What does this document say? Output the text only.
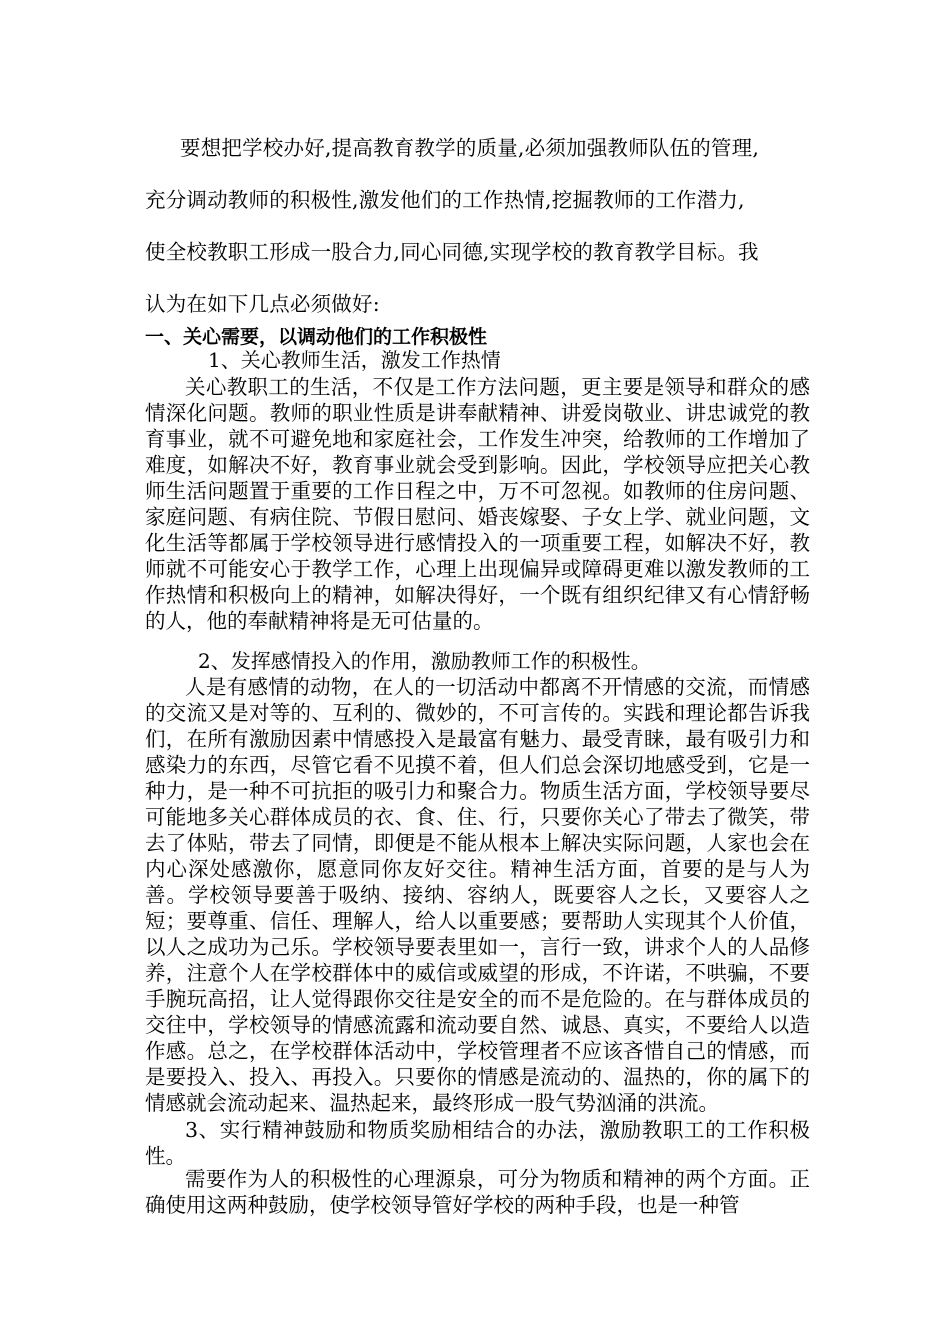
要想把学校办好,提高教育教学的质量,必须加强教师队伍的管理,
充分调动教师的积极性,激发他们的工作热情,挖掘教师的工作潜力,
使全校教职工形成一股合力,同心同德,实现学校的教育教学目标。我
认为在如下几点必须做好:
一、关心需要，以调动他们的工作积极性
1、关心教师生活，激发工作热情
关心教职工的生活，不仅是工作方法问题，更主要是领导和群众的感情深化问题。教师的职业性质是讲奉献精神、讲爱岗敬业、讲忠诚党的教育事业，就不可避免地和家庭社会，工作发生冲突，给教师的工作增加了难度，如解决不好，教育事业就会受到影响。因此，学校领导应把关心教师生活问题置于重要的工作日程之中，万不可忽视。如教师的住房问题、家庭问题、有病住院、节假日慰问、婚丧嫁娶、子女上学、就业问题，文化生活等都属于学校领导进行感情投入的一项重要工程，如解决不好，教师就不可能安心于教学工作，心理上出现偏异或障碍更难以激发教师的工作热情和积极向上的精神，如解决得好，一个既有组织纪律又有心情舒畅的人，他的奉献精神将是无可估量的。
2、发挥感情投入的作用，激励教师工作的积极性。
人是有感情的动物，在人的一切活动中都离不开情感的交流，而情感的交流又是对等的、互利的、微妙的，不可言传的。实践和理论都告诉我们，在所有激励因素中情感投入是最富有魅力、最受青睐，最有吸引力和感染力的东西，尽管它看不见摸不着，但人们总会深切地感受到，它是一种力，是一种不可抗拒的吸引力和聚合力。物质生活方面，学校领导要尽可能地多关心群体成员的衣、食、住、行，只要你关心了带去了微笑，带去了体贴，带去了同情，即便是不能从根本上解决实际问题，人家也会在内心深处感激你，愿意同你友好交往。精神生活方面，首要的是与人为善。学校领导要善于吸纳、接纳、容纳人，既要容人之长，又要容人之短；要尊重、信任、理解人，给人以重要感；要帮助人实现其个人价值，以人之成功为己乐。学校领导要表里如一，言行一致，讲求个人的人品修养，注意个人在学校群体中的威信或威望的形成，不许诺，不哄骗，不要手腕玩高招，让人觉得跟你交往是安全的而不是危险的。在与群体成员的交往中，学校领导的情感流露和流动要自然、诚恳、真实，不要给人以造作感。总之，在学校群体活动中，学校管理者不应该吝惜自己的情感，而是要投入、投入、再投入。只要你的情感是流动的、温热的，你的属下的情感就会流动起来、温热起来，最终形成一股气势汹涌的洪流。
3、实行精神鼓励和物质奖励相结合的办法，激励教职工的工作积极性。
需要作为人的积极性的心理源泉，可分为物质和精神的两个方面。正确使用这两种鼓励，使学校领导管好学校的两种手段，也是一种管
